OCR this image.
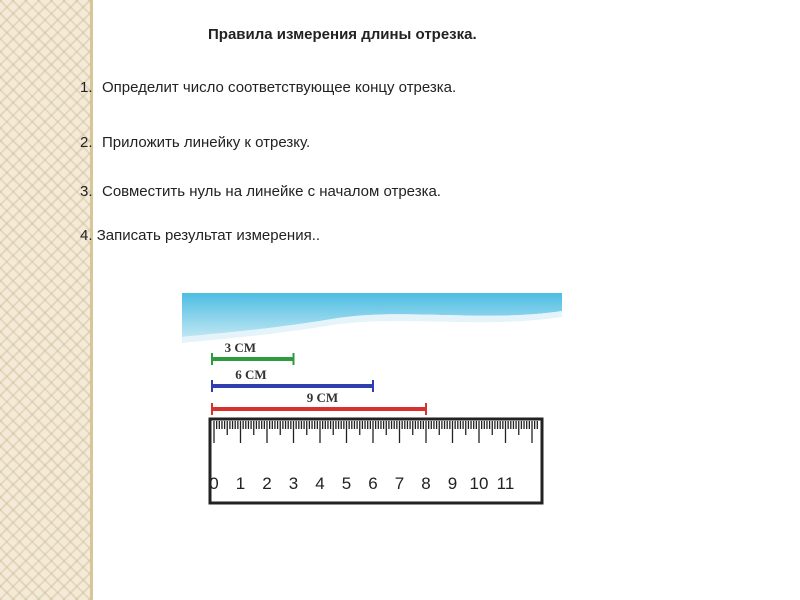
Правила измерения длины отрезка.
1. Определит число соответствующее концу отрезка.
2. Приложить линейку к отрезку.
3. Совместить нуль на линейке с началом отрезка.
4. Записать результат измерения..
3 СМ
6 СМ
9 СМ
0 1 2 3 4 5 6 7 8 9 10 11
